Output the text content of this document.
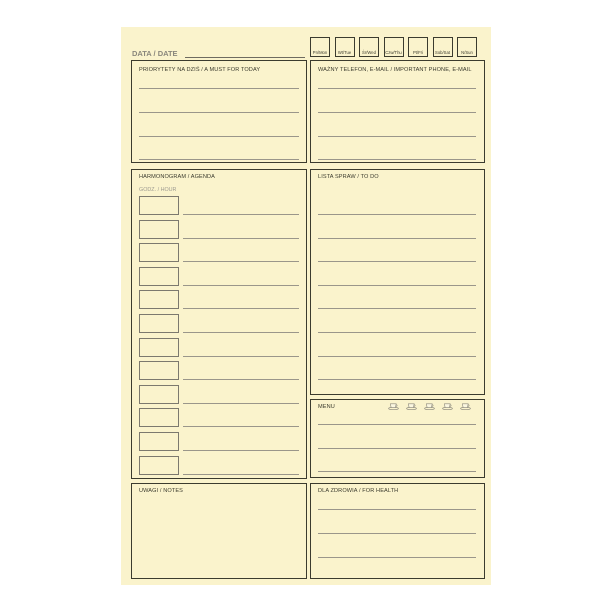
DATA / DATE	Pn/Mon	Wt/Tue	Śr/Wed	Czw/Thu	Pt/Fri	Sob/Sat	N/Sun
PRIORYTETY NA DZIŚ / A MUST FOR TODAY	WAŻNY TELEFON, E-MAIL / IMPORTANT PHONE, E-MAIL
HARMONOGRAM / AGENDA
GODZ. / HOUR
LISTA SPRAW / TO DO
MENU
UWAGI / NOTES	DLA ZDROWIA / FOR HEALTH
